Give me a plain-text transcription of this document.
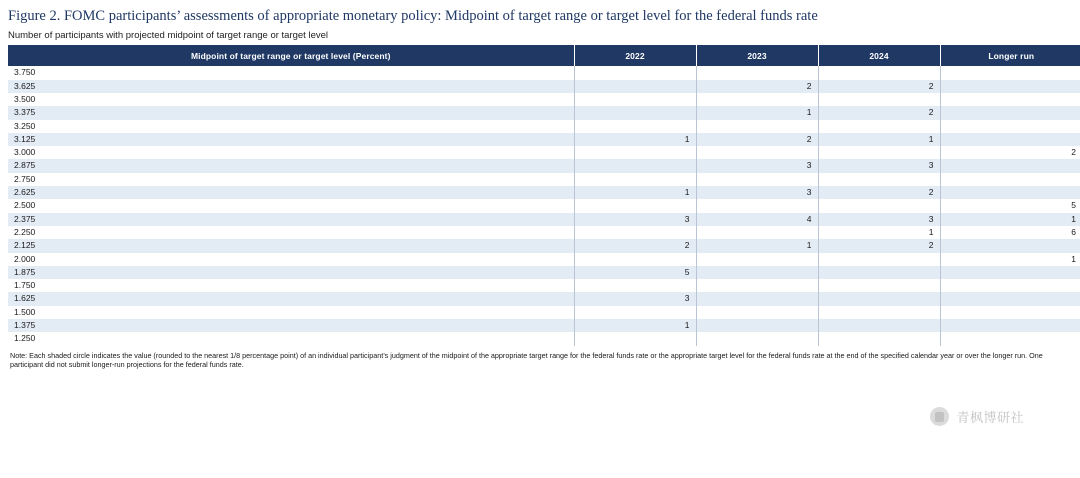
Figure 2. FOMC participants’ assessments of appropriate monetary policy: Midpoint of target range or target level for the federal funds rate
Number of participants with projected midpoint of target range or target level
Midpoint of target range or target level (Percent)	2022	2023	2024	Longer run
3.750				
3.625		2	2	
3.500				
3.375		1	2	
3.250				
3.125	1	2	1	
3.000				2
2.875		3	3	
2.750				
2.625	1	3	2	
2.500				5
2.375	3	4	3	1
2.250			1	6
2.125	2	1	2	
2.000				1
1.875	5			
1.750				
1.625	3			
1.500				
1.375	1			
1.250				
Note: Each shaded circle indicates the value (rounded to the nearest 1/8 percentage point) of an individual participant’s judgment of the midpoint of the appropriate target range for the federal funds rate or the appropriate target level for the federal funds rate at the end of the specified calendar year or over the longer run. One participant did not submit longer-run projections for the federal funds rate.
青枫博研社
